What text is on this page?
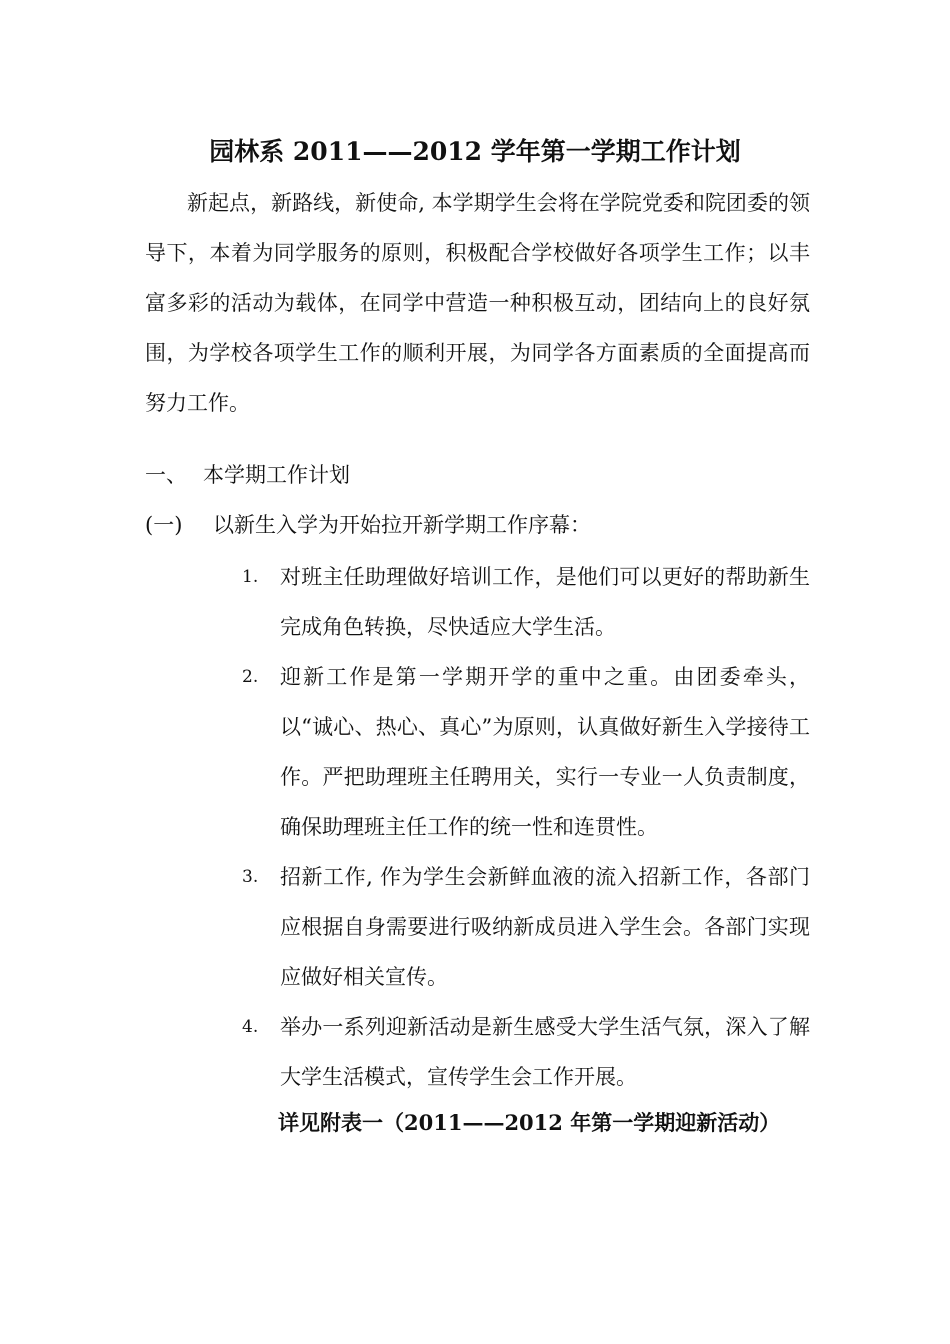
园林系 2011——2012 学年第一学期工作计划
新起点，新路线，新使命, 本学期学生会将在学院党委和院团委的领导下，本着为同学服务的原则，积极配合学校做好各项学生工作；以丰富多彩的活动为载体，在同学中营造一种积极互动，团结向上的良好氛围，为学校各项学生工作的顺利开展，为同学各方面素质的全面提高而努力工作。
一、 本学期工作计划
(一)	以新生入学为开始拉开新学期工作序幕：
1.	对班主任助理做好培训工作，是他们可以更好的帮助新生完成角色转换，尽快适应大学生活。
2.	迎新工作是第一学期开学的重中之重。由团委牵头，以“诚心、热心、真心”为原则，认真做好新生入学接待工作。严把助理班主任聘用关，实行一专业一人负责制度，确保助理班主任工作的统一性和连贯性。
3.	招新工作, 作为学生会新鲜血液的流入招新工作，各部门应根据自身需要进行吸纳新成员进入学生会。各部门实现应做好相关宣传。
4.	举办一系列迎新活动是新生感受大学生活气氛，深入了解大学生活模式，宣传学生会工作开展。
详见附表一（2011——2012 年第一学期迎新活动）
